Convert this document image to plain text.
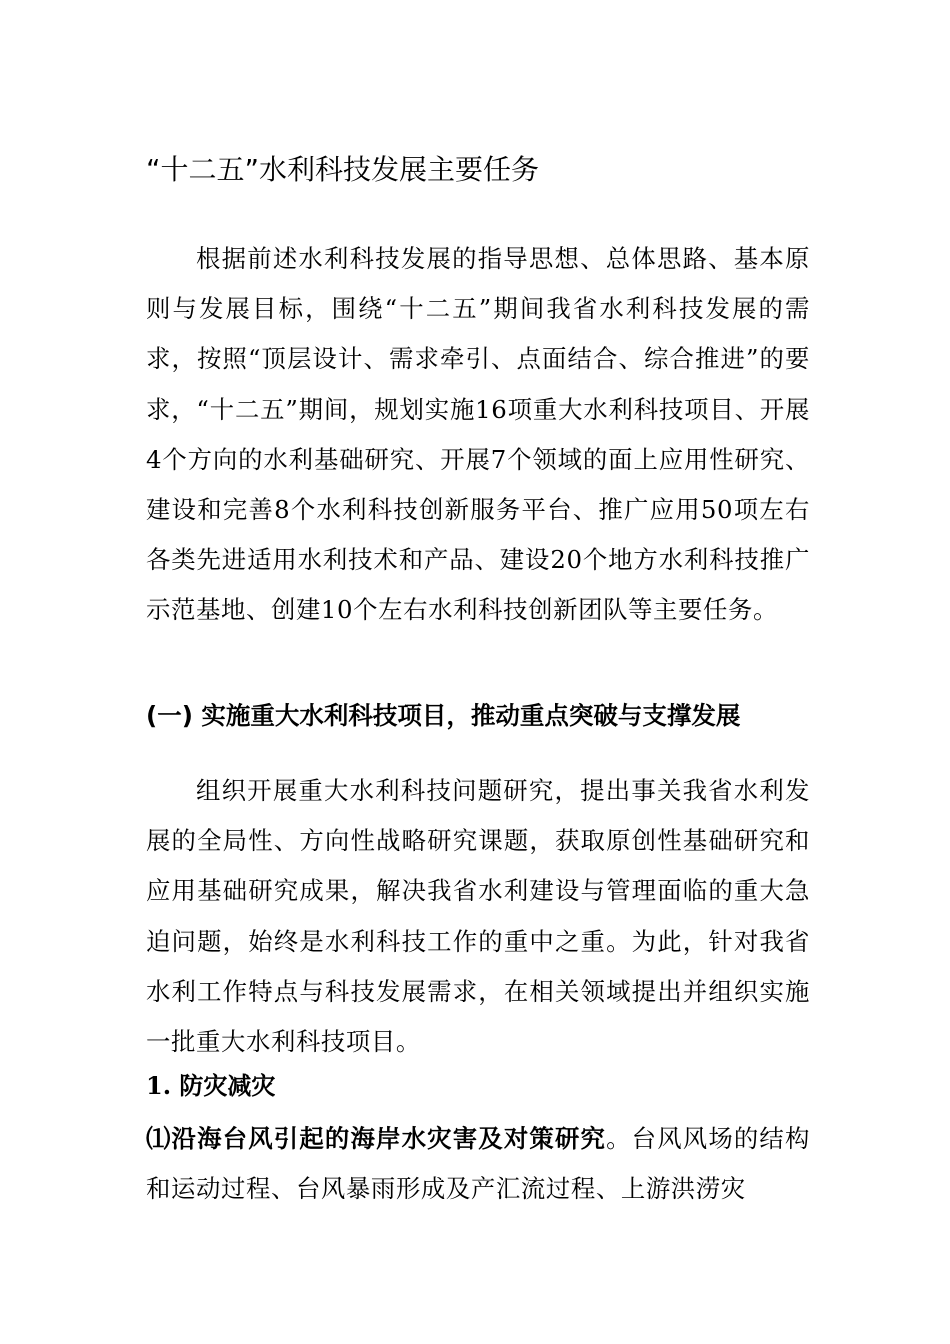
“十二五”水利科技发展主要任务

根据前述水利科技发展的指导思想、总体思路、基本原则与发展目标，围绕“十二五”期间我省水利科技发展的需求，按照“顶层设计、需求牵引、点面结合、综合推进”的要求，“十二五”期间，规划实施16项重大水利科技项目、开展4个方向的水利基础研究、开展7个领域的面上应用性研究、建设和完善8个水利科技创新服务平台、推广应用50项左右各类先进适用水利技术和产品、建设20个地方水利科技推广示范基地、创建10个左右水利科技创新团队等主要任务。

(一) 实施重大水利科技项目，推动重点突破与支撑发展

组织开展重大水利科技问题研究，提出事关我省水利发展的全局性、方向性战略研究课题，获取原创性基础研究和应用基础研究成果，解决我省水利建设与管理面临的重大急迫问题，始终是水利科技工作的重中之重。为此，针对我省水利工作特点与科技发展需求，在相关领域提出并组织实施一批重大水利科技项目。

1. 防灾减灾

⑴沿海台风引起的海岸水灾害及对策研究。台风风场的结构和运动过程、台风暴雨形成及产汇流过程、上游洪涝灾
